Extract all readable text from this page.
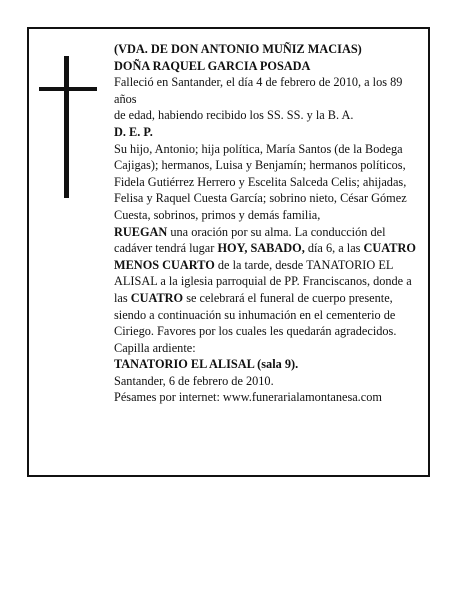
(VDA. DE DON ANTONIO MUÑIZ MACIAS)

DOÑA RAQUEL GARCIA POSADA

Falleció en Santander, el día 4 de febrero de 2010, a los 89 años

de edad, habiendo recibido los SS. SS. y la B. A.

D. E. P.

Su hijo, Antonio; hija política, María Santos (de la Bodega Cajigas); hermanos, Luisa y Benjamín; hermanos políticos, Fidela Gutiérrez Herrero y Escelita Salceda Celis; ahijadas, Felisa y Raquel Cuesta García; sobrino nieto, César Gómez Cuesta, sobrinos, primos y demás familia,

RUEGAN una oración por su alma. La conducción del cadáver tendrá lugar HOY, SABADO, día 6, a las CUATRO MENOS CUARTO de la tarde, desde TANATORIO EL ALISAL a la iglesia parroquial de PP. Franciscanos, donde a las CUATRO se celebrará el funeral de cuerpo presente, siendo a continuación su inhumación en el cementerio de Ciriego. Favores por los cuales les quedarán agradecidos. Capilla ardiente:

TANATORIO EL ALISAL (sala 9).

Santander, 6 de febrero de 2010.

Pésames por internet: www.funerarialamontanesa.com
